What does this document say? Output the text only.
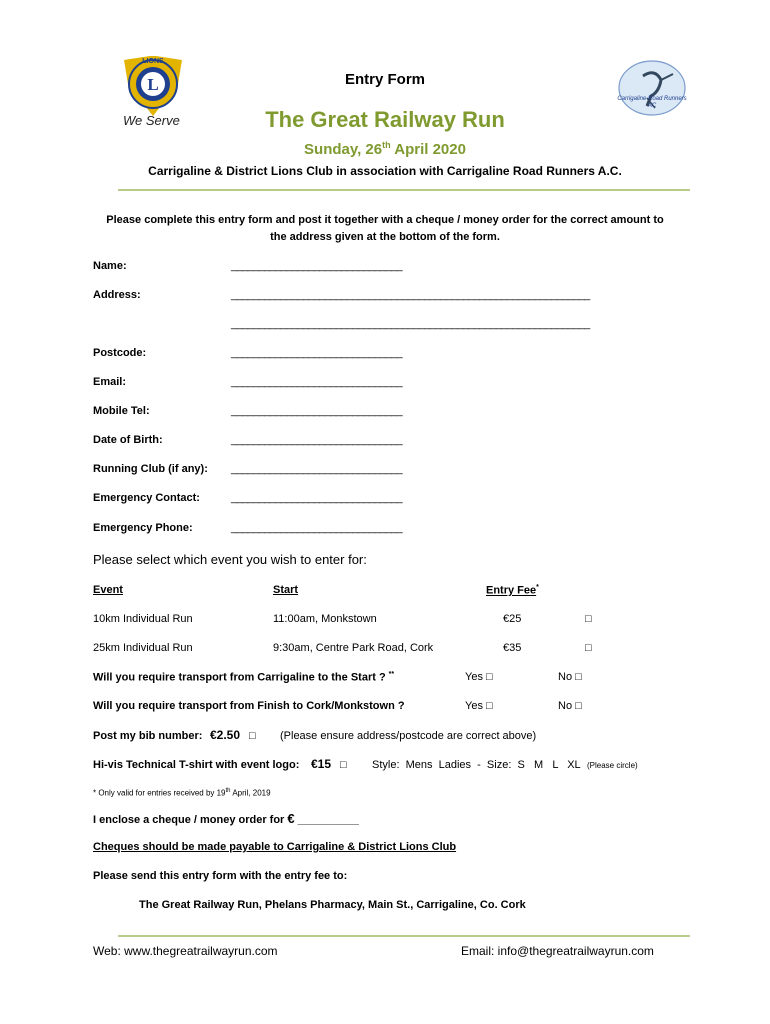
L
LIONS
We Serve
Carrigaline Road Runners AC
Entry Form
The Great Railway Run
Sunday, 26th April 2020
Carrigaline & District Lions Club in association with Carrigaline Road Runners A.C.
Please complete this entry form and post it together with a cheque / money order for the correct amount to
the address given at the bottom of the form.
Name:	_______________________________
Address:	_________________________________________________________________
_________________________________________________________________
Postcode:	_______________________________
Email:	_______________________________
Mobile Tel:	_______________________________
Date of Birth:	_______________________________
Running Club (if any): _______________________________
Emergency Contact:	_______________________________
Emergency Phone:	_______________________________
Please select which event you wish to enter for:
Event	Start	Entry Fee*
10km Individual Run	11:00am, Monkstown	€25	□
25km Individual Run	9:30am, Centre Park Road, Cork	€35	□
Will you require transport from Carrigaline to the Start ? **	Yes □	No □
Will you require transport from Finish to Cork/Monkstown ?	Yes □	No □
Post my bib number: €2.50 □ (Please ensure address/postcode are correct above)
Hi-vis Technical T-shirt with event logo: €15 □ Style:  Mens  Ladies  -  Size:  S   M   L   XL (Please circle)
* Only valid for entries received by 19th April, 2019
I enclose a cheque / money order for € __________
Cheques should be made payable to Carrigaline & District Lions Club
Please send this entry form with the entry fee to:
The Great Railway Run, Phelans Pharmacy, Main St., Carrigaline, Co. Cork
Web: www.thegreatrailwayrun.com	Email: info@thegreatrailwayrun.com
